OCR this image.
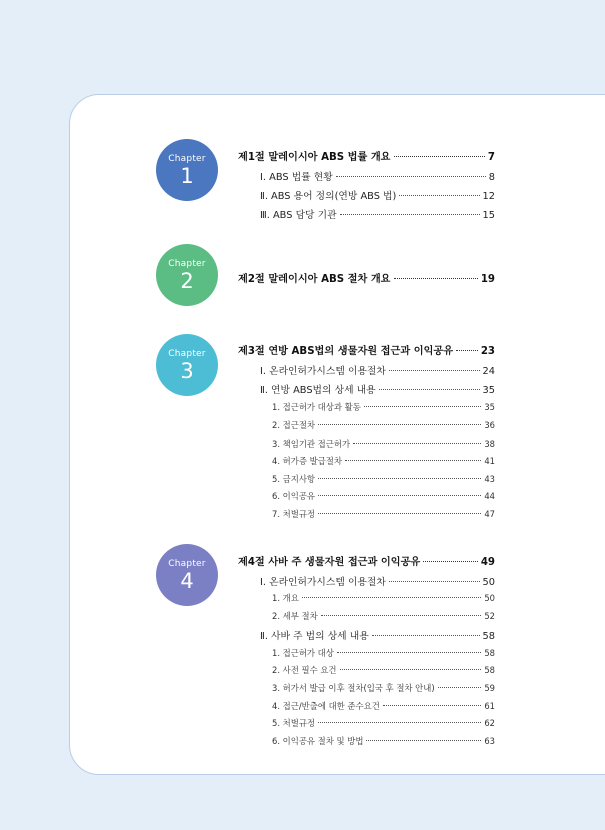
Chapter
1
제1절 말레이시아 ABS 법률 개요	7
Ⅰ. ABS 법률 현황	8
Ⅱ. ABS 용어 정의(연방 ABS 법)	12
Ⅲ. ABS 담당 기관	15
Chapter
2	제2절 말레이시아 ABS 절차 개요	19
Chapter
3
제3절 연방 ABS법의 생물자원 접근과 이익공유	23
Ⅰ. 온라인허가시스템 이용절차	24
Ⅱ. 연방 ABS법의 상세 내용	35
1. 접근허가 대상과 활동	35
2. 접근절차	36
3. 책임기관 접근허가	38
4. 허가증 발급절차	41
5. 금지사항	43
6. 이익공유	44
7. 처벌규정	47
Chapter
4
제4절 사바 주 생물자원 접근과 이익공유	49
Ⅰ. 온라인허가시스템 이용절차	50
1. 개요	50
2. 세부 절차	52
Ⅱ. 사바 주 법의 상세 내용	58
1. 접근허가 대상	58
2. 사전 필수 요건	58
3. 허가서 발급 이후 절차(입국 후 절차 안내)	59
4. 접근/반출에 대한 준수요건	61
5. 처벌규정	62
6. 이익공유 절차 및 방법	63
